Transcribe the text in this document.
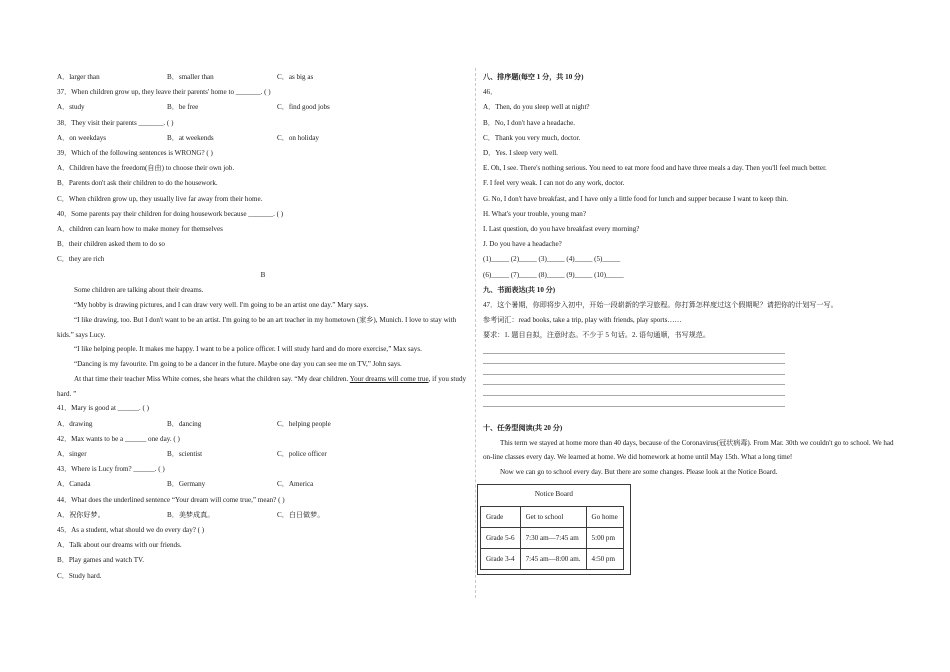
A．larger than	B．smaller than	C．as big as
37．When children grow up, they leave their parents' home to _______. ( )
A．study	B．be free	C．find good jobs
38．They visit their parents _______. ( )
A．on weekdays	B．at weekends	C．on holiday
39．Which of the following sentences is WRONG? ( )
A．Children have the freedom(自由) to choose their own job.
B．Parents don't ask their children to do the housework.
C．When children grow up, they usually live far away from their home.
40．Some parents pay their children for doing housework because _______. ( )
A．children can learn how to make money for themselves
B．their children asked them to do so
C．they are rich
B
Some children are talking about their dreams.
“My hobby is drawing pictures, and I can draw very well. I'm going to be an artist one day.” Mary says.
“I like drawing, too. But I don't want to be an artist. I'm going to be an art teacher in my hometown (家乡), Munich. I love to stay with kids.” says Lucy.
“I like helping people. It makes me happy. I want to be a police officer. I will study hard and do more exercise,” Max says.
“Dancing is my favourite. I'm going to be a dancer in the future. Maybe one day you can see me on TV,” John says.
At that time their teacher Miss White comes, she hears what the children say. “My dear children. Your dreams will come true, if you study hard. ”
41．Mary is good at ______. ( )
A．drawing	B．dancing	C．helping people
42．Max wants to be a ______ one day. ( )
A．singer	B．scientist	C．police officer
43．Where is Lucy from? ______. ( )
A．Canada	B．Germany	C．America
44．What does the underlined sentence “Your dream will come true,” mean? ( )
A．祝你好梦。	B．美梦成真。	C．白日做梦。
45．As a student, what should we do every day? ( )
A．Talk about our dreams with our friends.
B．Play games and watch TV.
C．Study hard.
八、排序题(每空 1 分，共 10 分)
46．
A．Then, do you sleep well at night?
B．No, I don't have a headache.
C．Thank you very much, doctor.
D．Yes. I sleep very well.
E. Oh, I see. There's nothing serious. You need to eat more food and have three meals a day. Then you'll feel much better.
F. I feel very weak. I can not do any work, doctor.
G. No, I don't have breakfast, and I have only a little food for lunch and supper because I want to keep thin.
H. What's your trouble, young man?
I. Last question, do you have breakfast every morning?
J. Do you have a headache?
(1)_____ (2)_____ (3)_____ (4)_____ (5)_____
(6)_____ (7)_____ (8)_____ (9)_____ (10)_____
九、书面表达(共 10 分)
47．这个暑期，你即将步入初中，开始一段崭新的学习旅程。你打算怎样度过这个假期呢？请把你的计划写一写。
参考词汇：read books, take a trip, play with friends, play sports……
要求：1. 题目自拟，注意时态。不少于 5 句话。2. 语句通顺，书写规范。
十、任务型阅读(共 20 分)
This term we stayed at home more than 40 days, because of the Coronavirus(冠状病毒). From Mar. 30th we couldn't go to school. We had on-line classes every day. We learned at home. We did homework at home until May 15th. What a long time!
Now we can go to school every day. But there are some changes. Please look at the Notice Board.
Notice Board
Grade	Get to school	Go home
Grade 5-6	7:30 am—7:45 am	5:00 pm
Grade 3-4	7:45 am—8:00 am.	4:50 pm
